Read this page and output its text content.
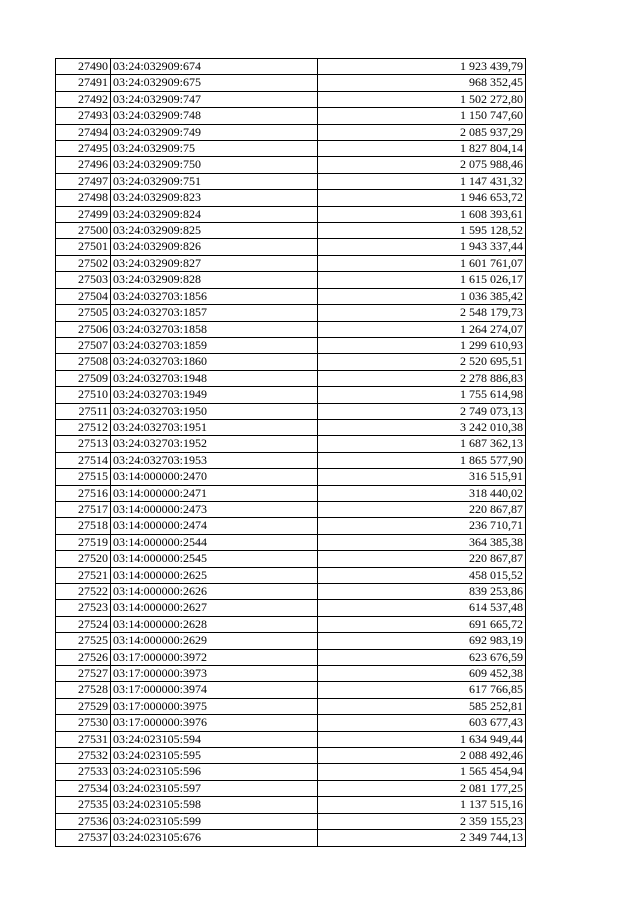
27490	03:24:032909:674	1 923 439,79
27491	03:24:032909:675	968 352,45
27492	03:24:032909:747	1 502 272,80
27493	03:24:032909:748	1 150 747,60
27494	03:24:032909:749	2 085 937,29
27495	03:24:032909:75	1 827 804,14
27496	03:24:032909:750	2 075 988,46
27497	03:24:032909:751	1 147 431,32
27498	03:24:032909:823	1 946 653,72
27499	03:24:032909:824	1 608 393,61
27500	03:24:032909:825	1 595 128,52
27501	03:24:032909:826	1 943 337,44
27502	03:24:032909:827	1 601 761,07
27503	03:24:032909:828	1 615 026,17
27504	03:24:032703:1856	1 036 385,42
27505	03:24:032703:1857	2 548 179,73
27506	03:24:032703:1858	1 264 274,07
27507	03:24:032703:1859	1 299 610,93
27508	03:24:032703:1860	2 520 695,51
27509	03:24:032703:1948	2 278 886,83
27510	03:24:032703:1949	1 755 614,98
27511	03:24:032703:1950	2 749 073,13
27512	03:24:032703:1951	3 242 010,38
27513	03:24:032703:1952	1 687 362,13
27514	03:24:032703:1953	1 865 577,90
27515	03:14:000000:2470	316 515,91
27516	03:14:000000:2471	318 440,02
27517	03:14:000000:2473	220 867,87
27518	03:14:000000:2474	236 710,71
27519	03:14:000000:2544	364 385,38
27520	03:14:000000:2545	220 867,87
27521	03:14:000000:2625	458 015,52
27522	03:14:000000:2626	839 253,86
27523	03:14:000000:2627	614 537,48
27524	03:14:000000:2628	691 665,72
27525	03:14:000000:2629	692 983,19
27526	03:17:000000:3972	623 676,59
27527	03:17:000000:3973	609 452,38
27528	03:17:000000:3974	617 766,85
27529	03:17:000000:3975	585 252,81
27530	03:17:000000:3976	603 677,43
27531	03:24:023105:594	1 634 949,44
27532	03:24:023105:595	2 088 492,46
27533	03:24:023105:596	1 565 454,94
27534	03:24:023105:597	2 081 177,25
27535	03:24:023105:598	1 137 515,16
27536	03:24:023105:599	2 359 155,23
27537	03:24:023105:676	2 349 744,13
